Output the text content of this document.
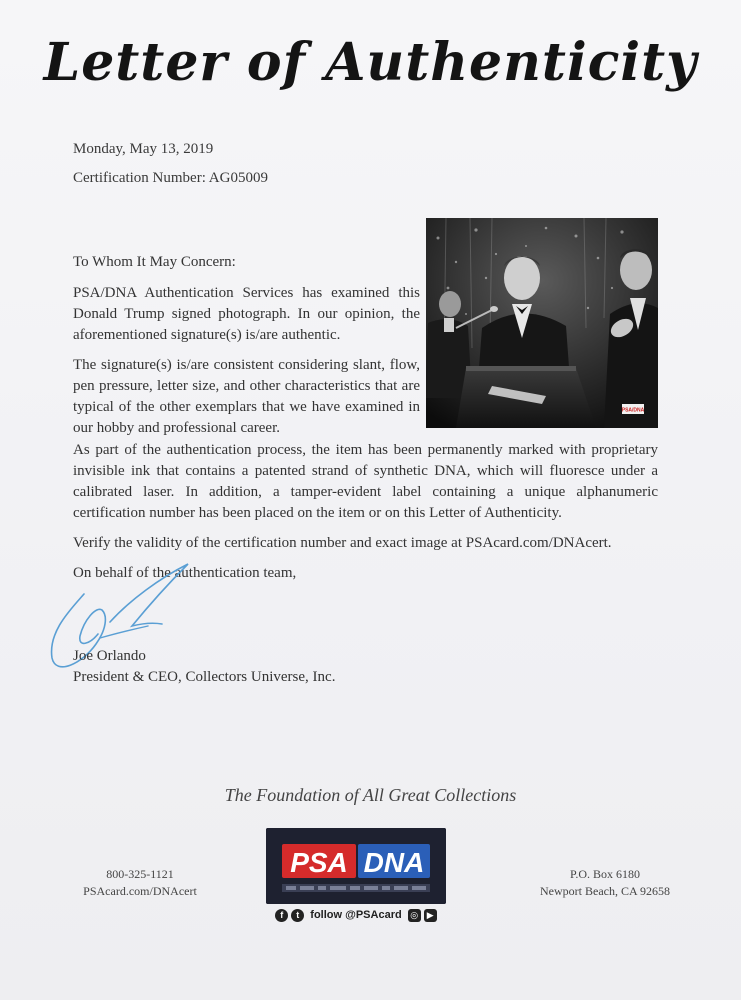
Letter of Authenticity
Monday, May 13, 2019
Certification Number: AG05009
PSA/DNA

To Whom It May Concern:

PSA/DNA Authentication Services has examined this Donald Trump signed photograph. In our opinion, the aforementioned signature(s) is/are authentic.

The signature(s) is/are consistent considering slant, flow, pen pressure, letter size, and other characteristics that are typical of the other exemplars that we have examined in our hobby and professional career.

As part of the authentication process, the item has been permanently marked with proprietary invisible ink that contains a patented strand of synthetic DNA, which will fluoresce under a calibrated laser. In addition, a tamper-evident label containing a unique alphanumeric certification number has been placed on the item or on this Letter of Authenticity.

Verify the validity of the certification number and exact image at PSAcard.com/DNAcert.

On behalf of the authentication team,

Joe Orlando
President & CEO, Collectors Universe, Inc.
The Foundation of All Great Collections
800-325-1121
PSAcard.com/DNAcert
PSA DNA
f	t	follow @PSAcard ◎ ▶
P.O. Box 6180
Newport Beach, CA 92658
